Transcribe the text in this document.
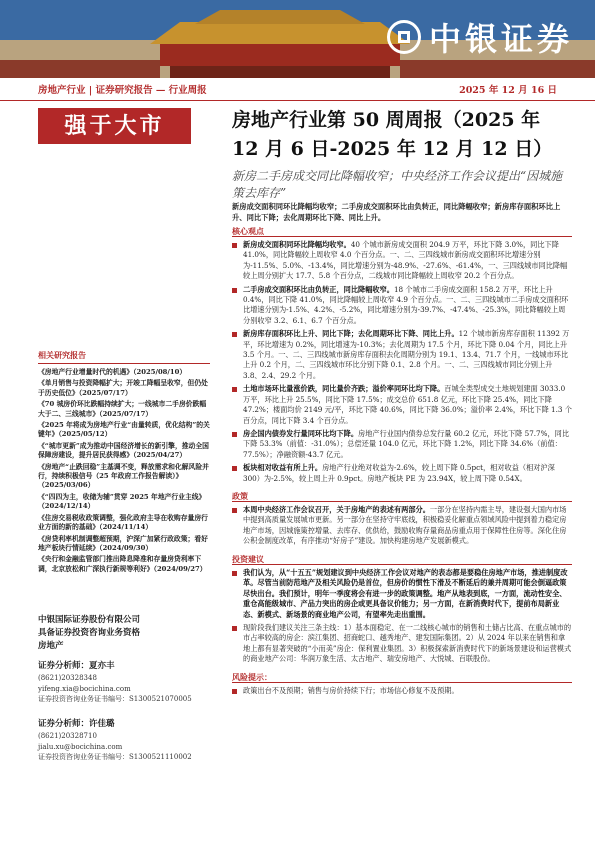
中银证券
房地产行业 | 证券研究报告 — 行业周报	2025 年 12 月 16 日
强于大市	房地产行业第 50 周周报（2025 年 12 月 6 日-2025 年 12 月 12 日）
新房二手房成交同比降幅收窄；中央经济工作会议提出“因城施策去库存”
新房成交面积同环比降幅均收窄；二手房成交面积环比由负转正，同比降幅收窄；新房库存面积环比上升、同比下降；去化周期环比下降、同比上升。
核心观点
新房成交面积同环比降幅均收窄。40 个城市新房成交面积 204.9 万平，环比下降 3.0%，同比下降 41.0%，同比降幅较上周收窄 4.0 个百分点。一、二、三四线城市新房成交面积环比增速分别为-11.5%、5.0%、-13.4%，同比增速分别为-48.9%、-27.6%、-61.4%，一、三四线城市同比降幅较上周分别扩大 17.7、5.8 个百分点，二线城市同比降幅较上周收窄 20.2 个百分点。
二手房成交面积环比由负转正，同比降幅收窄。18 个城市二手房成交面积 158.2 万平，环比上升 0.4%，同比下降 41.0%，同比降幅较上周收窄 4.9 个百分点。一、二、三四线城市二手房成交面积环比增速分别为-1.5%、4.2%、-5.2%，同比增速分别为-39.7%、-47.4%、-25.3%，同比降幅较上周分别收窄 3.2、6.1、6.7 个百分点。
新房库存面积环比上升、同比下降；去化周期环比下降、同比上升。12 个城市新房库存面积 11392 万平，环比增速为 0.2%，同比增速为-10.3%；去化周期为 17.5 个月，环比下降 0.04 个月，同比上升 3.5 个月。一、二、三四线城市新房库存面积去化周期分别为 19.1、13.4、71.7 个月，一线城市环比上升 0.2 个月，二、三四线城市环比分别下降 0.1、2.8 个月。一、二、三四线城市同比分别上升 3.8、2.4、29.2 个月。
土地市场环比量涨价跌，同比量价齐跌；溢价率同环比均下降。百城全类型成交土地规划建面 3033.0 万平，环比上升 25.5%，同比下降 17.5%；成交总价 651.8 亿元，环比下降 25.4%，同比下降 47.2%；楼面均价 2149 元/平，环比下降 40.6%，同比下降 36.0%；溢价率 2.4%，环比下降 1.3 个百分点，同比下降 3.4 个百分点。
房企国内债券发行量同环比均下降。房地产行业国内债券总发行量 60.2 亿元，环比下降 57.7%，同比下降 53.3%（前值：-31.0%）；总偿还量 104.0 亿元，环比下降 1.2%，同比下降 34.6%（前值：77.5%）；净融资额-43.7 亿元。
板块相对收益有所上升。房地产行业绝对收益为-2.6%，较上周下降 0.5pct，相对收益（相对沪深 300）为-2.5%，较上周上升 0.9pct。房地产板块 PE 为 23.94X，较上周下降 0.54X。
政策
本周中央经济工作会议召开，关于房地产的表述有两部分。一部分在坚持内需主导，建设强大国内市场中提到高质量发展城市更新。另一部分在坚持守牢底线，积极稳妥化解重点领域风险中提到着力稳定房地产市场，因城施策控增量、去库存、优供给，鼓励收购存量商品房重点用于保障性住房等。深化住房公积金制度改革，有序推动“好房子”建设。加快构建房地产发展新模式。
投资建议
我们认为，从“十五五”规划建议到中央经济工作会议对地产的表态都是要稳住房地产市场，推进制度改革。尽管当前防范地产及相关风险仍是首位，但房价的惯性下滑及不断延后的兼并周期可能会倒逼政策尽快出台。我们预计，明年一季度将会有进一步的政策调整。地产从地表到底，一方面，流动性安全、重仓高能级城市、产品力突出的房企或更具备议价能力；另一方面，在新消费时代下，提前布局新业态、新模式、新场景的商业地产公司，有望率先走出重围。
现阶段我们建议关注三条主线：1）基本面稳定、在一二线核心城市的销售和土储占比高、在重点城市的市占率较高的房企：滨江集团、招商蛇口、越秀地产、建发国际集团。2）从 2024 年以来在销售和拿地上都有显著突破的“小而美”房企：保利置业集团。3）积极探索新消费时代下的新场景建设和运营模式的商业地产公司：华润万象生活、太古地产、瑞安房地产、大悦城、百联股份。
风险提示：
政策出台不及预期；销售与房价持续下行；市场信心修复不及预期。
相关研究报告
《房地产行业增量时代的机遇》（2025/08/10）
《单月销售与投资降幅扩大；开竣工降幅呈收窄，但仍处于历史低位》（2025/07/17）
《70 城房价环比跌幅持续扩大；一线城市二手房价跌幅大于二、三线城市》（2025/07/17）
《2025 年将成为房地产行业“由量转质，优化结构”的关键年》（2025/05/12）
《“城市更新”成为推动中国经济增长的新引擎，推动全国保障房建设，提升居民获得感》（2025/04/27）
《房地产“止跌回稳”主基调不变，释放需求和化解风险并行，持续积极信号（25 年政府工作报告解读）》（2025/03/06）
《“四四为主，收储为辅”贯穿 2025 年地产行业主线》（2024/12/14）
《住房交易税收政策调整，强化政府主导在收购存量房行业方面的新的基础》（2024/11/14）
《房贷利率机制调整超预期，沪深广加紧行政政策；看好地产板块行情延续》（2024/09/30）
《央行和金融监管部门推出降息降准和存量房贷利率下调，北京放松和广深执行新规等利好》（2024/09/27）
中银国际证券股份有限公司
具备证券投资咨询业务资格
房地产
证券分析师：夏亦丰
(8621)20328348
yifeng.xia@bocichina.com
证券投资咨询业务证书编号：S1300521070005
证券分析师：许佳璐
(8621)20328710
jialu.xu@bocichina.com
证券投资咨询业务证书编号：S1300521110002
